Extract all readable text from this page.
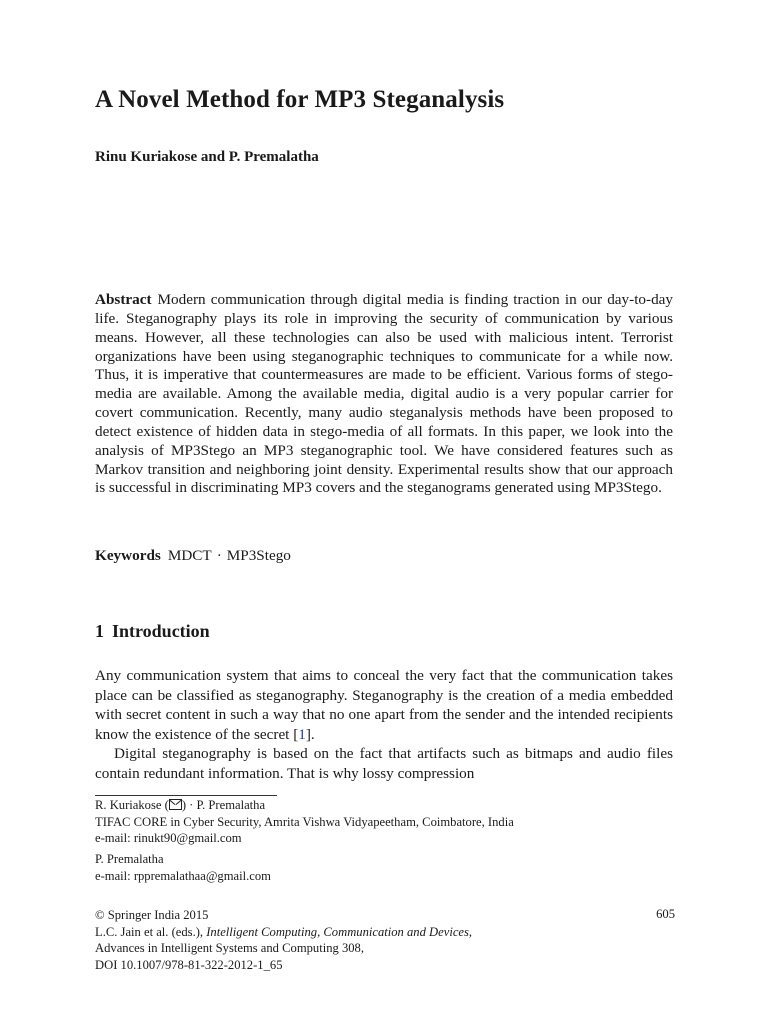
A Novel Method for MP3 Steganalysis
Rinu Kuriakose and P. Premalatha
Abstract Modern communication through digital media is finding traction in our day-to-day life. Steganography plays its role in improving the security of communication by various means. However, all these technologies can also be used with malicious intent. Terrorist organizations have been using steganographic techniques to communicate for a while now. Thus, it is imperative that countermeasures are made to be efficient. Various forms of stego-media are available. Among the available media, digital audio is a very popular carrier for covert communication. Recently, many audio steganalysis methods have been proposed to detect existence of hidden data in stego-media of all formats. In this paper, we look into the analysis of MP3Stego an MP3 steganographic tool. We have considered features such as Markov transition and neighboring joint density. Experimental results show that our approach is successful in discriminating MP3 covers and the steganograms generated using MP3Stego.
Keywords MDCT · MP3Stego
1 Introduction

Any communication system that aims to conceal the very fact that the communication takes place can be classified as steganography. Steganography is the creation of a media embedded with secret content in such a way that no one apart from the sender and the intended recipients know the existence of the secret [1].

Digital steganography is based on the fact that artifacts such as bitmaps and audio files contain redundant information. That is why lossy compression

R. Kuriakose ( ) · P. Premalatha
TIFAC CORE in Cyber Security, Amrita Vishwa Vidyapeetham, Coimbatore, India
e-mail: rinukt90@gmail.com
P. Premalatha
e-mail: rppremalathaa@gmail.com
© Springer India 2015
L.C. Jain et al. (eds.), Intelligent Computing, Communication and Devices,
Advances in Intelligent Systems and Computing 308,
DOI 10.1007/978-81-322-2012-1_65
605
